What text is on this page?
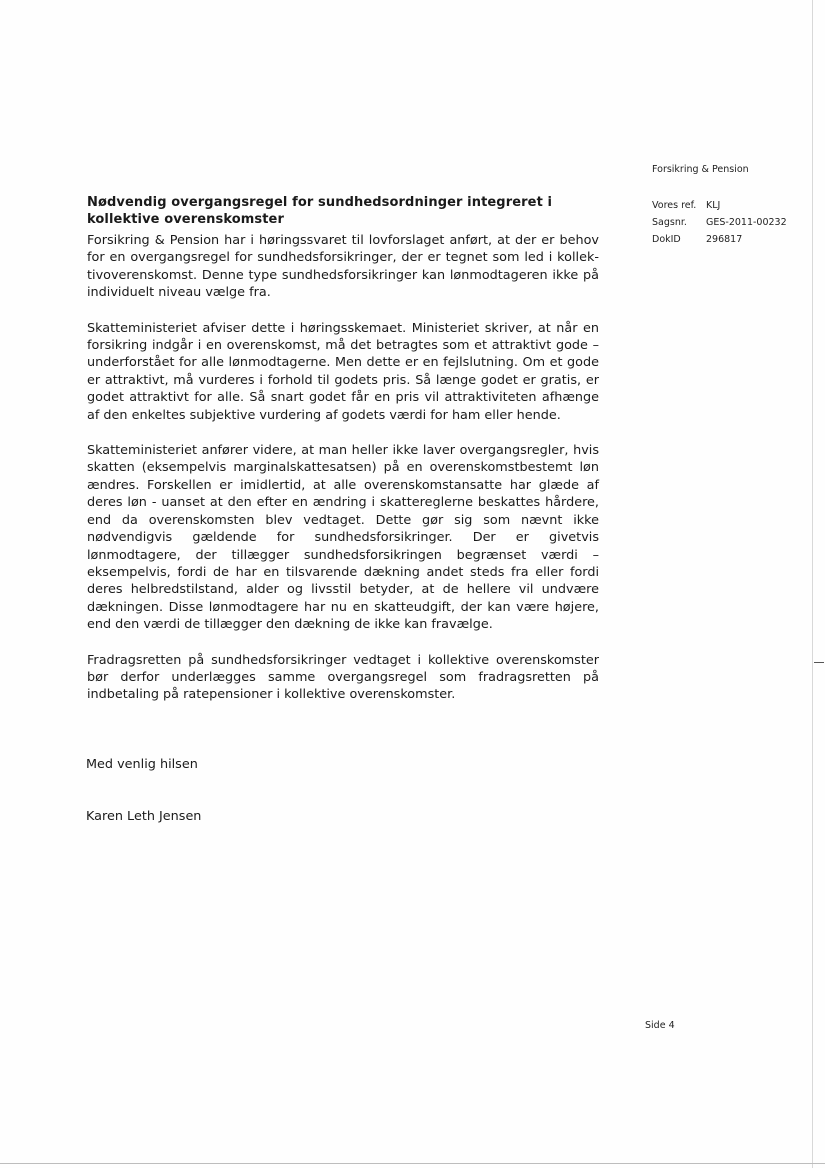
Forsikring & Pension
Vores ref.	KLJ
Sagsnr.	GES-2011-00232
DokID	296817
Nødvendig overgangsregel for sundhedsordninger integreret i kollektive overenskomster

Forsikring & Pension har i høringssvaret til lovforslaget anført, at der er behov for en overgangsregel for sundhedsforsikringer, der er tegnet som led i kollektivoverenskomst. Denne type sundhedsforsikringer kan lønmodtageren ikke på individuelt niveau vælge fra.

Skatteministeriet afviser dette i høringsskemaet. Ministeriet skriver, at når en forsikring indgår i en overenskomst, må det betragtes som et attraktivt gode – underforstået for alle lønmodtagerne. Men dette er en fejlslutning. Om et gode er attraktivt, må vurderes i forhold til godets pris. Så længe godet er gratis, er godet attraktivt for alle. Så snart godet får en pris vil attraktiviteten afhænge af den enkeltes subjektive vurdering af godets værdi for ham eller hende.

Skatteministeriet anfører videre, at man heller ikke laver overgangsregler, hvis skatten (eksempelvis marginalskattesatsen) på en overenskomstbestemt løn ændres. Forskellen er imidlertid, at alle overenskomstansatte har glæde af deres løn - uanset at den efter en ændring i skattereglerne beskattes hårdere, end da overenskomsten blev vedtaget. Dette gør sig som nævnt ikke nødvendigvis gældende for sundhedsforsikringer. Der er givetvis lønmodtagere, der tillægger sundhedsforsikringen begrænset værdi – eksempelvis, fordi de har en tilsvarende dækning andet steds fra eller fordi deres helbredstilstand, alder og livsstil betyder, at de hellere vil undvære dækningen. Disse lønmodtagere har nu en skatteudgift, der kan være højere, end den værdi de tillægger den dækning de ikke kan fravælge.

Fradragsretten på sundhedsforsikringer vedtaget i kollektive overenskomster bør derfor underlægges samme overgangsregel som fradragsretten på indbetaling på ratepensioner i kollektive overenskomster.

Med venlig hilsen
Karen Leth Jensen
Side 4
